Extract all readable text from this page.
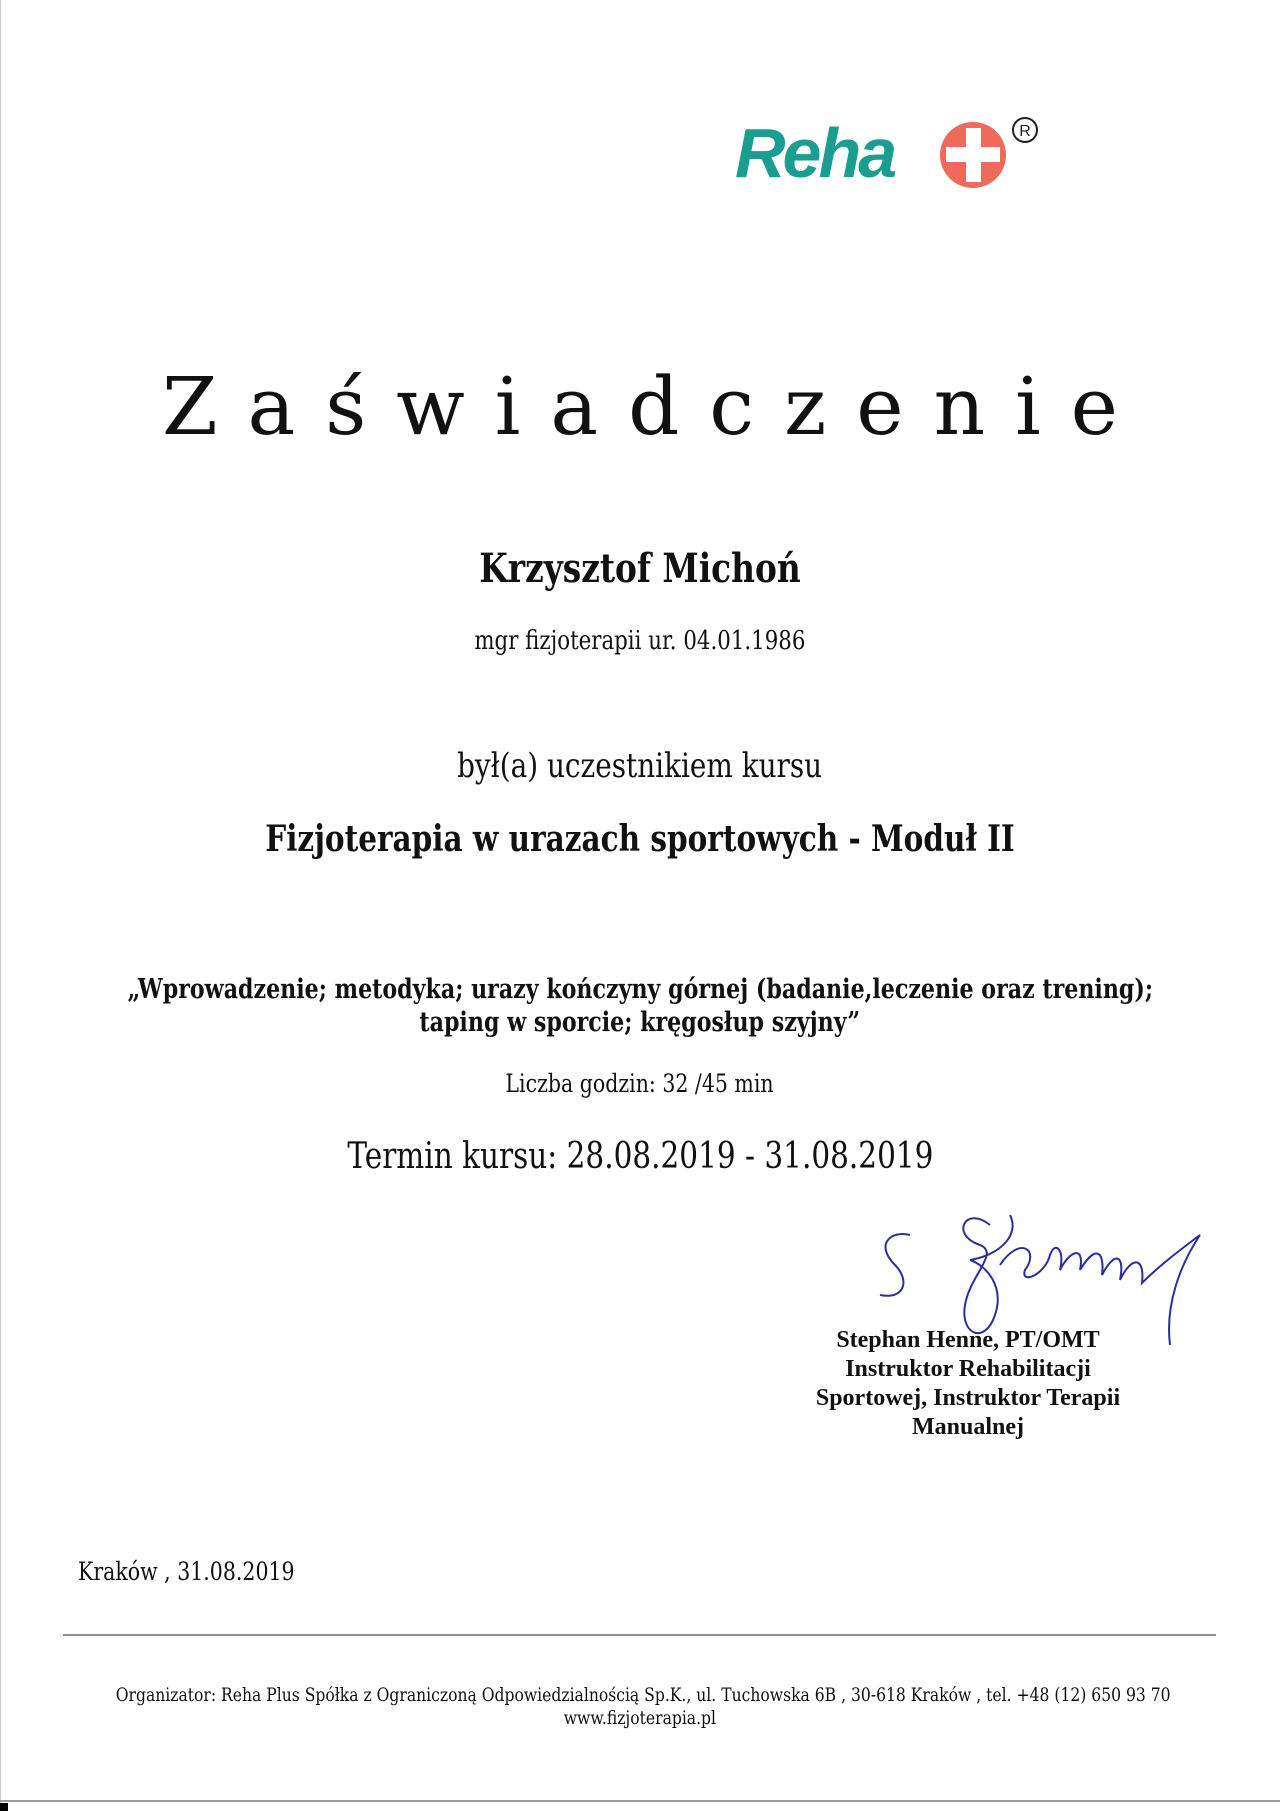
Reha	R
Zaświadczenie
Krzysztof Michoń
mgr fizjoterapii ur. 04.01.1986
był(a) uczestnikiem kursu
Fizjoterapia w urazach sportowych - Moduł II
„Wprowadzenie; metodyka; urazy kończyny górnej (badanie,leczenie oraz trening);
taping w sporcie; kręgosłup szyjny”
Liczba godzin: 32 /45 min
Termin kursu: 28.08.2019 - 31.08.2019
Stephan Henne, PT/OMT
Instruktor Rehabilitacji
Sportowej, Instruktor Terapii
Manualnej
Kraków , 31.08.2019
Organizator: Reha Plus Spółka z Ograniczoną Odpowiedzialnością Sp.K., ul. Tuchowska 6B , 30-618 Kraków , tel. +48 (12) 650 93 70
www.fizjoterapia.pl
